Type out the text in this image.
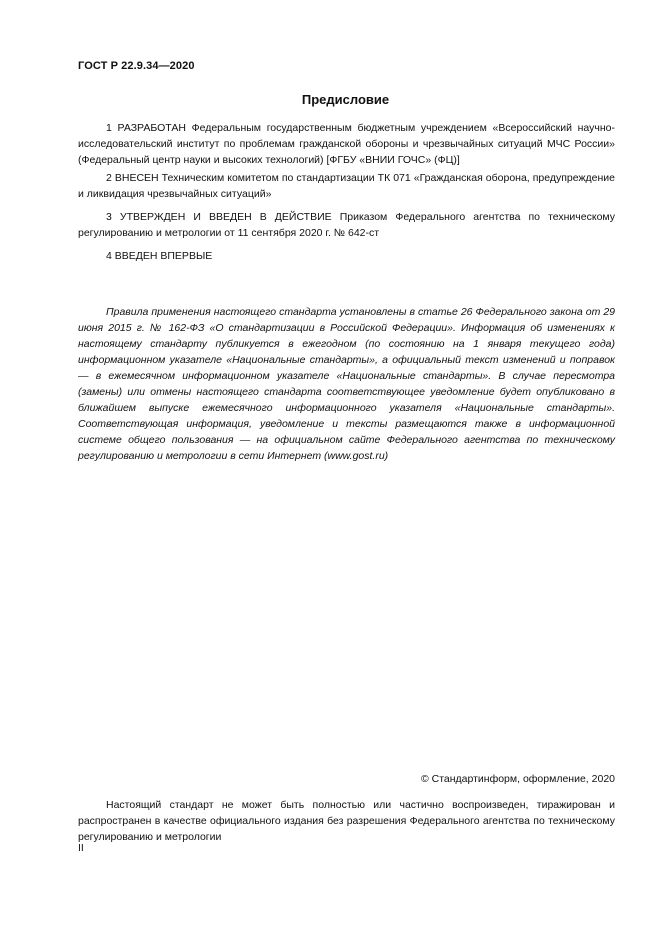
ГОСТ Р 22.9.34—2020
Предисловие

1 РАЗРАБОТАН Федеральным государственным бюджетным учреждением «Всероссийский научно-исследовательский институт по проблемам гражданской обороны и чрезвычайных ситуаций МЧС России» (Федеральный центр науки и высоких технологий) [ФГБУ «ВНИИ ГОЧС» (ФЦ)]

2 ВНЕСЕН Техническим комитетом по стандартизации ТК 071 «Гражданская оборона, предупреждение и ликвидация чрезвычайных ситуаций»

3 УТВЕРЖДЕН И ВВЕДЕН В ДЕЙСТВИЕ Приказом Федерального агентства по техническому регулированию и метрологии от 11 сентября 2020 г. № 642-ст

4 ВВЕДЕН ВПЕРВЫЕ

Правила применения настоящего стандарта установлены в статье 26 Федерального закона от 29 июня 2015 г. № 162-ФЗ «О стандартизации в Российской Федерации». Информация об изменениях к настоящему стандарту публикуется в ежегодном (по состоянию на 1 января текущего года) информационном указателе «Национальные стандарты», а официальный текст изменений и поправок — в ежемесячном информационном указателе «Национальные стандарты». В случае пересмотра (замены) или отмены настоящего стандарта соответствующее уведомление будет опубликовано в ближайшем выпуске ежемесячного информационного указателя «Национальные стандарты». Соответствующая информация, уведомление и тексты размещаются также в информационной системе общего пользования — на официальном сайте Федерального агентства по техническому регулированию и метрологии в сети Интернет (www.gost.ru)

© Стандартинформ, оформление, 2020

Настоящий стандарт не может быть полностью или частично воспроизведен, тиражирован и распространен в качестве официального издания без разрешения Федерального агентства по техническому регулированию и метрологии

II
